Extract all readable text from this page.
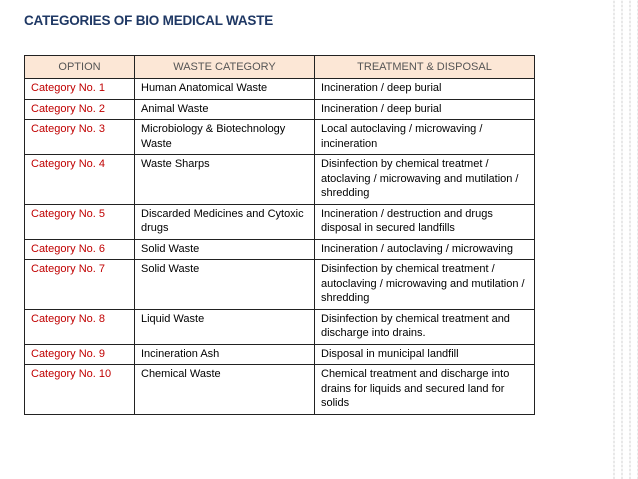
CATEGORIES OF BIO MEDICAL WASTE
OPTION	WASTE CATEGORY	TREATMENT & DISPOSAL
Category No. 1	Human Anatomical Waste	Incineration / deep burial
Category No. 2	Animal Waste	Incineration / deep burial
Category No. 3	Microbiology & Biotechnology Waste	Local autoclaving / microwaving / incineration
Category No. 4	Waste Sharps	Disinfection by chemical treatmet / atoclaving / microwaving and mutilation / shredding
Category No. 5	Discarded Medicines and Cytoxic drugs	Incineration / destruction and drugs disposal in secured landfills
Category No. 6	Solid Waste	Incineration / autoclaving / microwaving
Category No. 7	Solid Waste	Disinfection by chemical treatment / autoclaving / microwaving and mutilation / shredding
Category No. 8	Liquid Waste	Disinfection by chemical treatment and discharge into drains.
Category No. 9	Incineration Ash	Disposal in municipal landfill
Category No. 10	Chemical Waste	Chemical treatment and discharge into drains for liquids and secured land for solids
